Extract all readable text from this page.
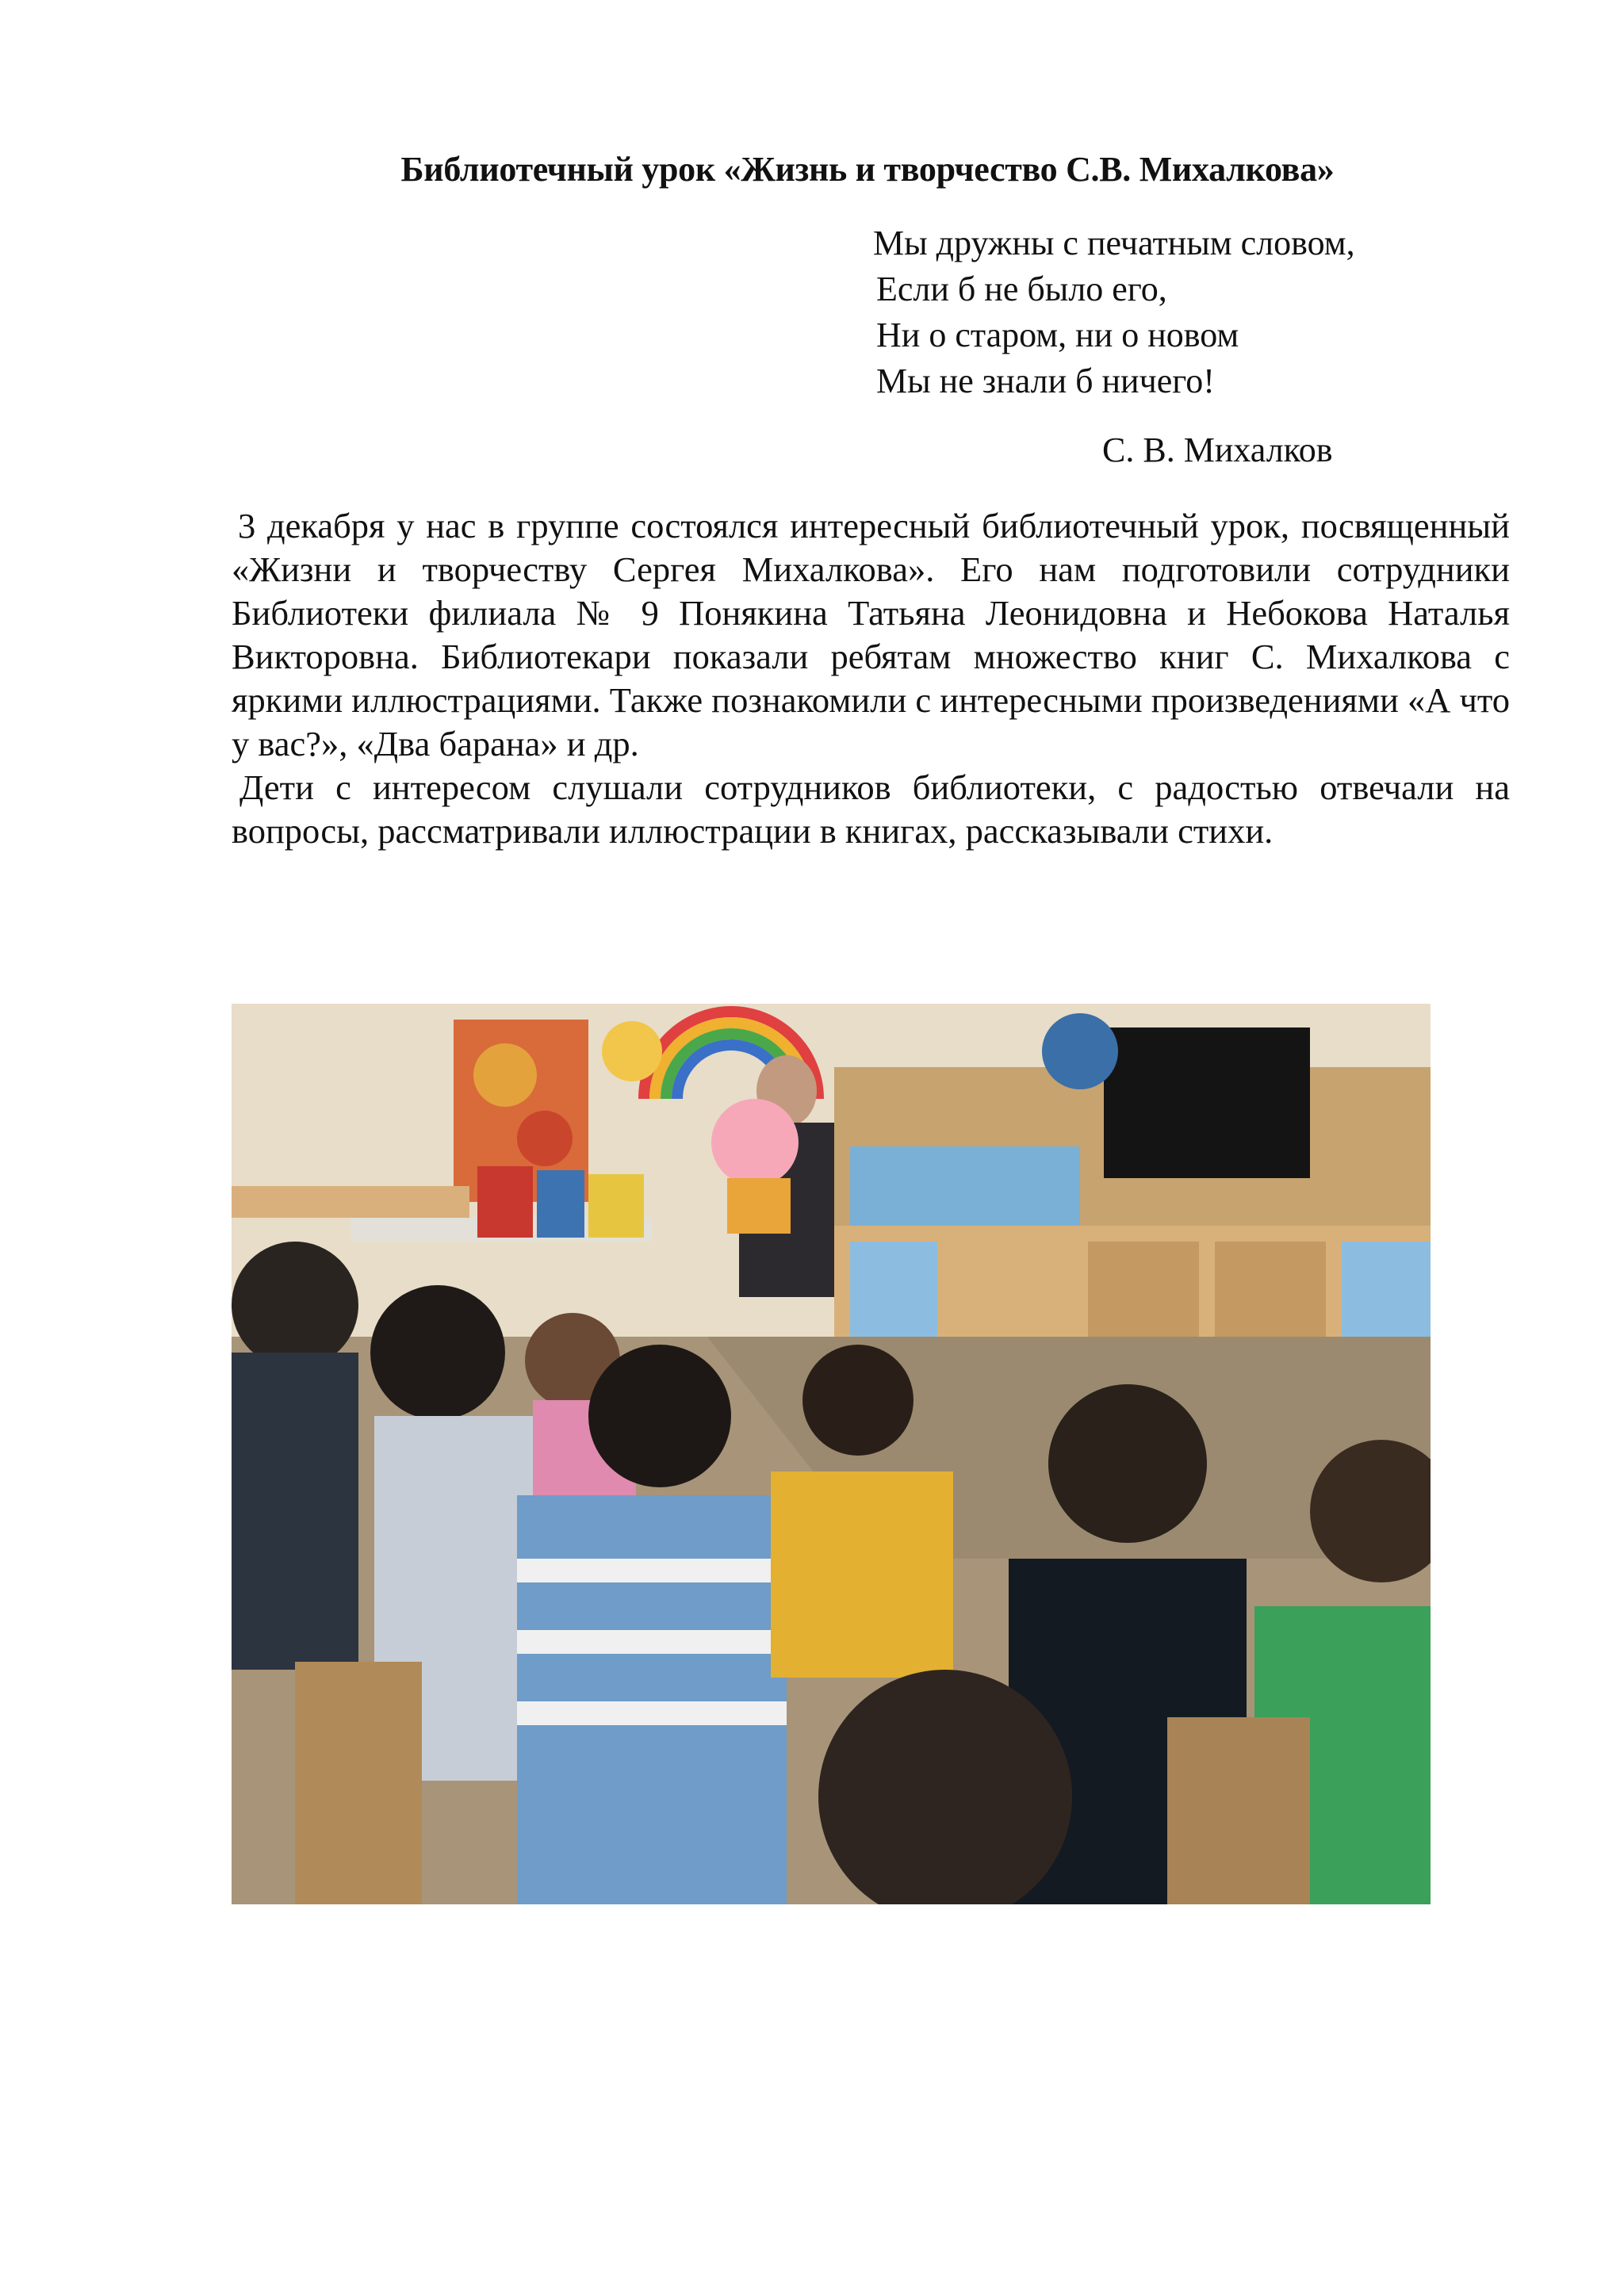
Библиотечный урок «Жизнь и творчество С.В. Михалкова»
Мы дружны с печатным словом,
Если б не было его,
Ни о старом, ни о новом
Мы не знали б ничего!
С. В. Михалков

3 декабря у нас в группе состоялся интересный библиотечный урок, посвященный «Жизни и творчеству Сергея Михалкова». Его нам подготовили сотрудники Библиотеки филиала № 9 Понякина Татьяна Леонидовна и Небокова Наталья Викторовна. Библиотекари показали ребятам множество книг С. Михалкова с яркими иллюстрациями. Также познакомили с интересными произведениями «А что у вас?», «Два барана» и др.

Дети с интересом слушали сотрудников библиотеки, с радостью отвечали на вопросы, рассматривали иллюстрации в книгах, рассказывали стихи.
